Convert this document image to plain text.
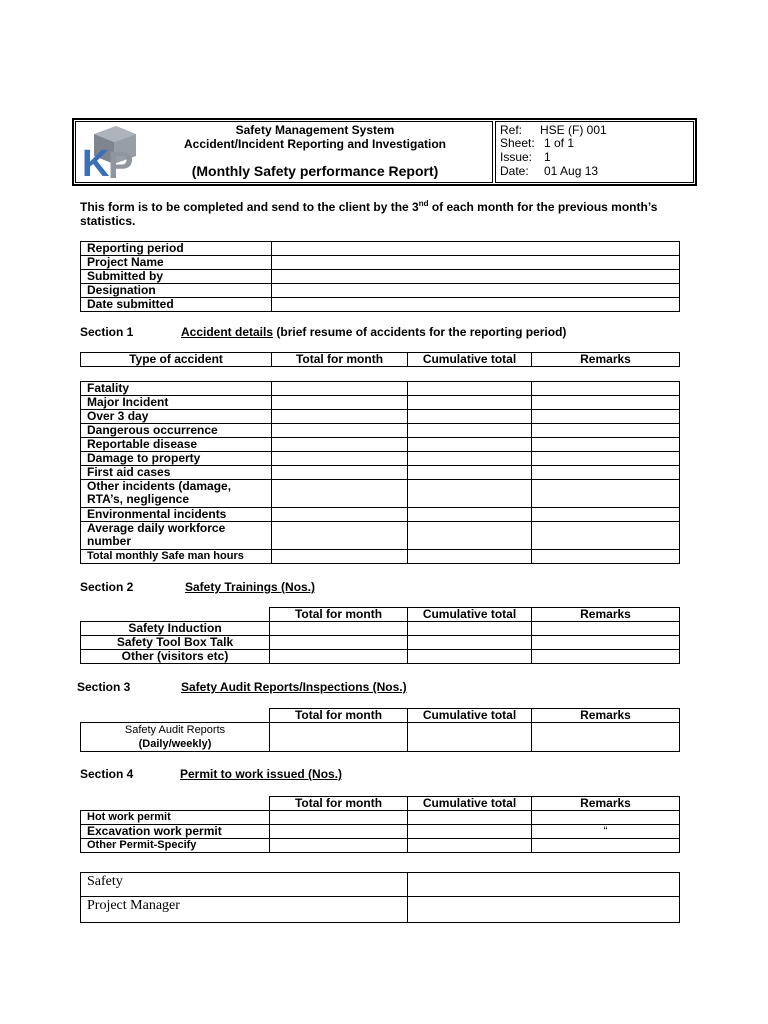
K
P
Safety Management System
Accident/Incident Reporting and Investigation
(Monthly Safety performance Report)
Ref: HSE (F) 001
Sheet: 1 of 1
Issue: 1
Date: 01 Aug 13
This form is to be completed and send to the client by the 3nd of each month for the previous month’s
statistics.
Reporting period	
Project Name	
Submitted by	
Designation	
Date submitted	
Section 1	Accident details (brief resume of accidents for the reporting period)
Type of accident	Total for month	Cumulative total	Remarks
Fatality			
Major Incident			
Over 3 day			
Dangerous occurrence			
Reportable disease			
Damage to property			
First aid cases			
Other incidents (damage, RTA’s, negligence			
Environmental incidents			
Average daily workforce number			
Total monthly Safe man hours			
Section 2	Safety Trainings (Nos.)
	Total for month	Cumulative total	Remarks
Safety Induction			
Safety Tool Box Talk			
Other (visitors etc)			
Section 3	Safety Audit Reports/Inspections (Nos.)
	Total for month	Cumulative total	Remarks

Safety Audit Reports
(Daily/weekly)			

Section 4	Permit to work issued (Nos.)
	Total for month	Cumulative total	Remarks
Hot work permit			
Excavation work permit			“
Other Permit-Specify			
Safety	
Project Manager	
